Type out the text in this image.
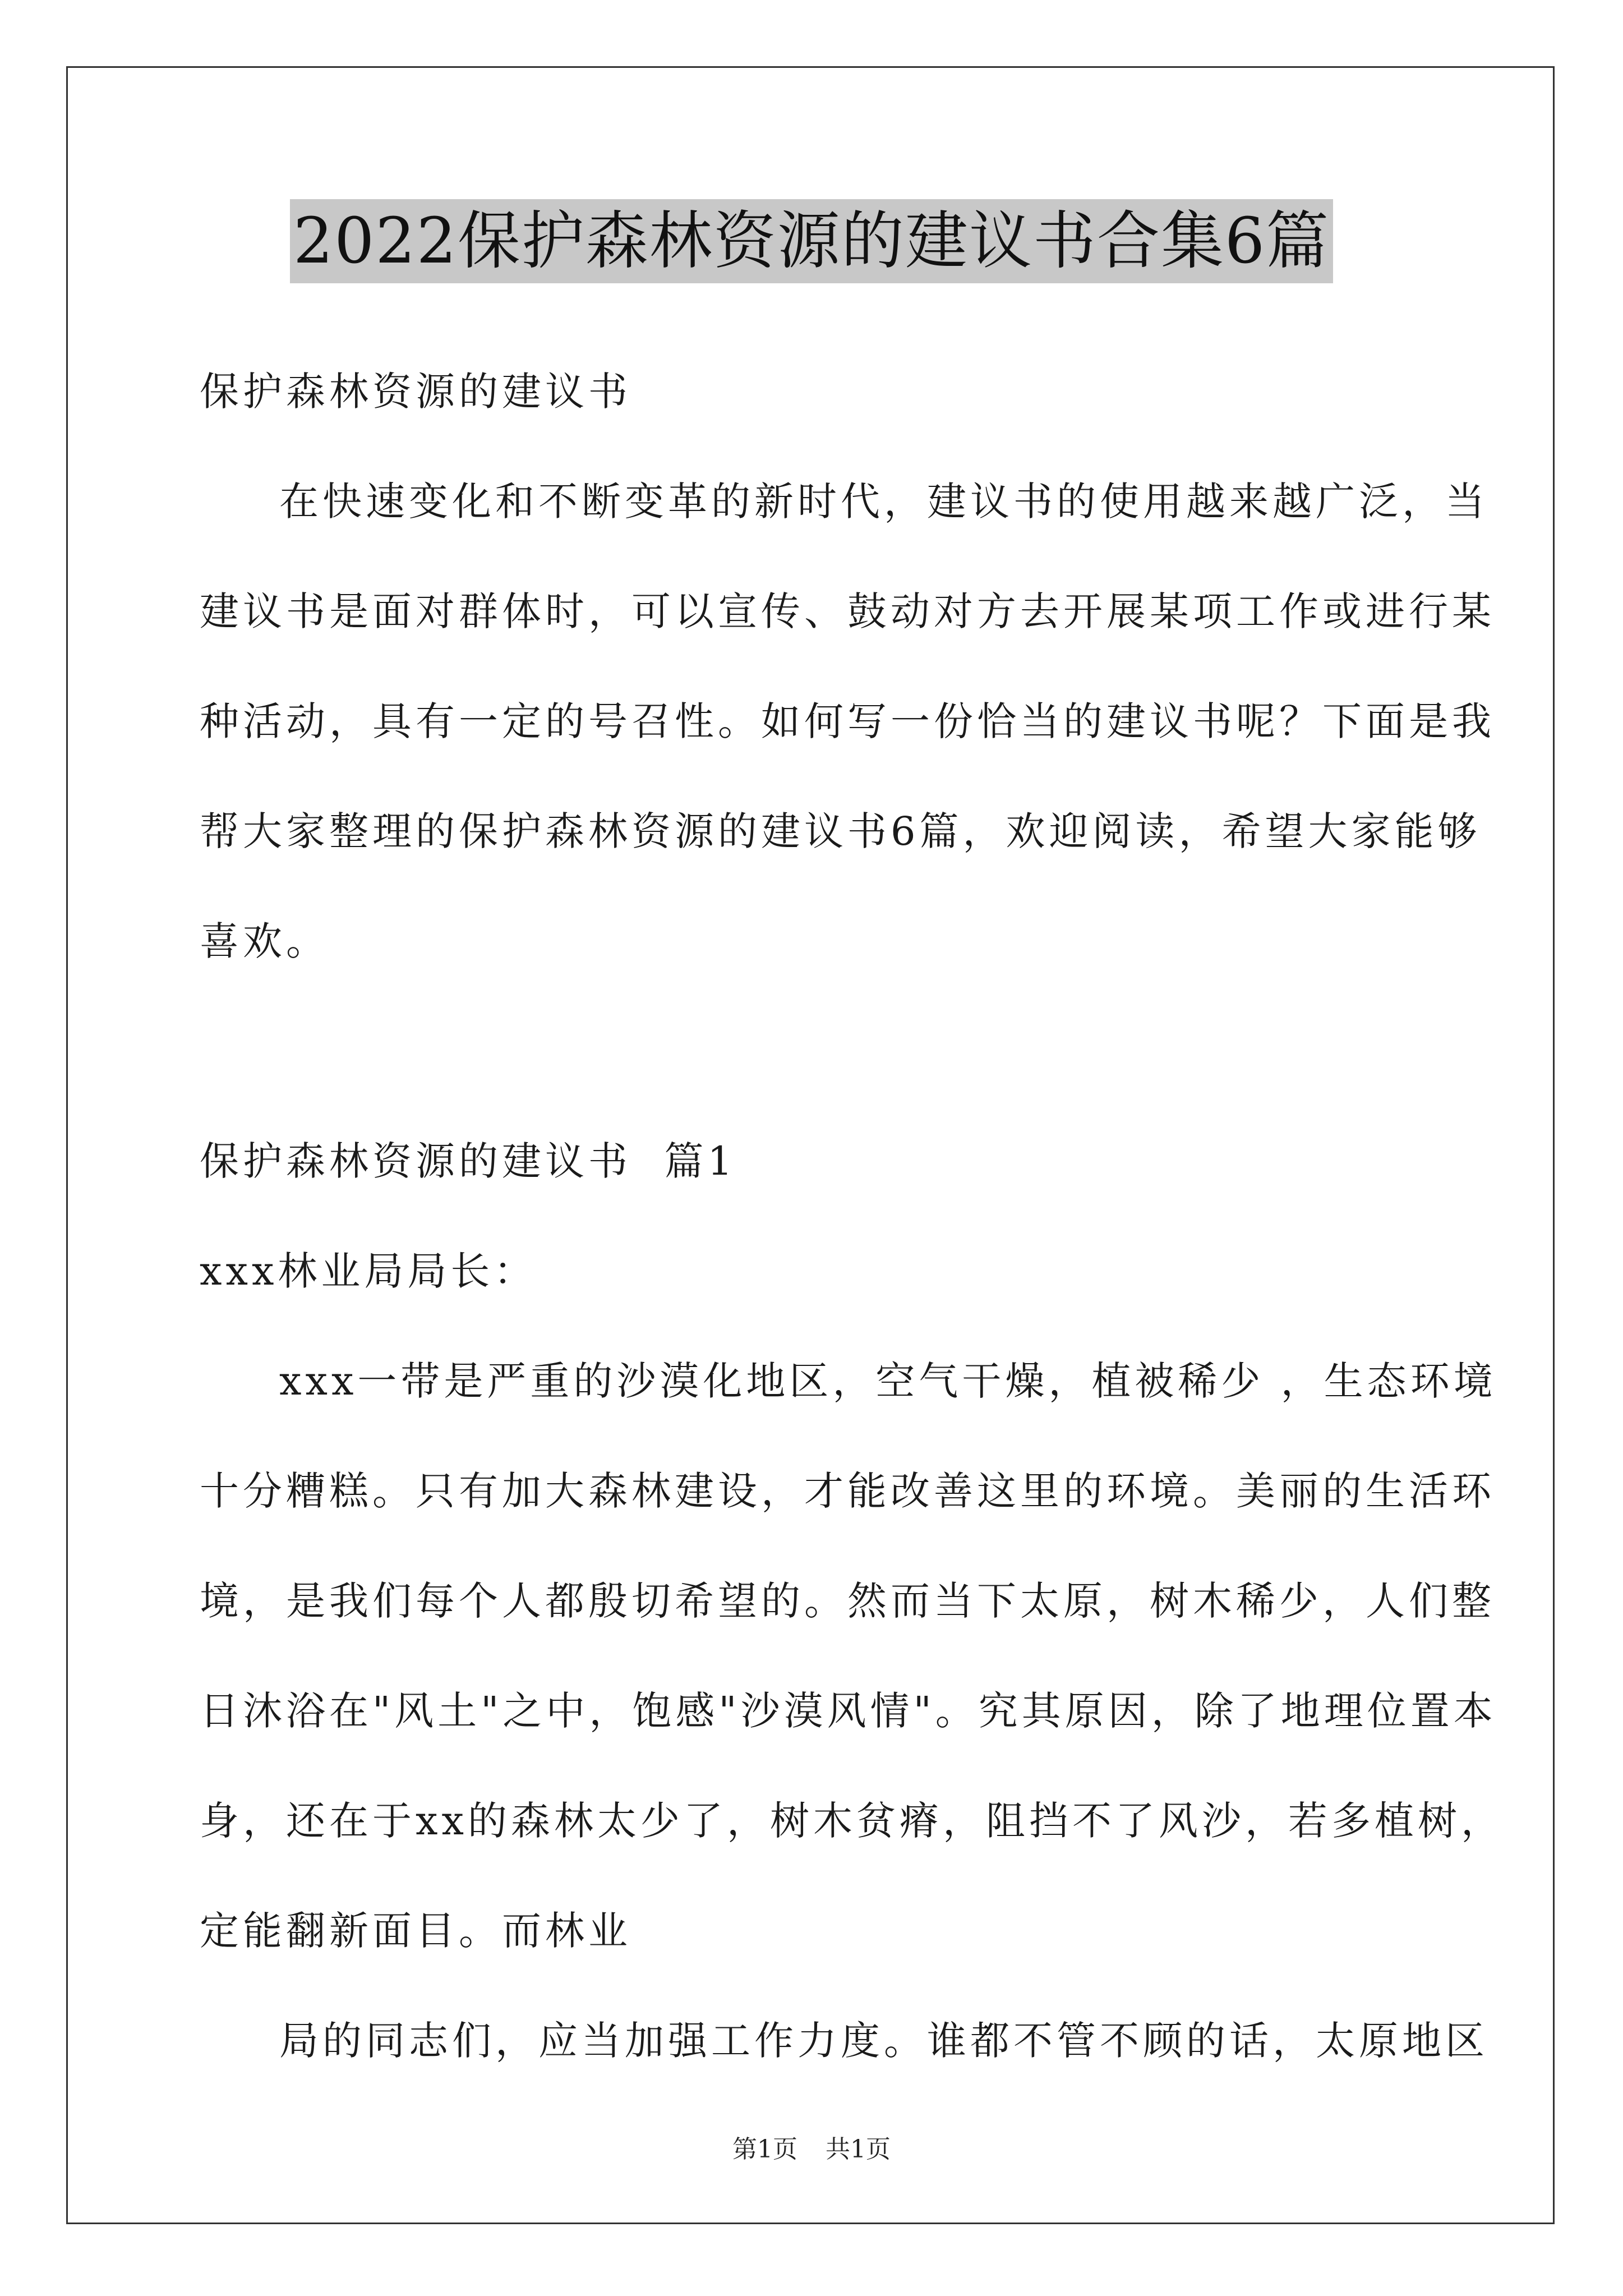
2022保护森林资源的建议书合集6篇

保护森林资源的建议书

在快速变化和不断变革的新时代，建议书的使用越来越广泛，当

建议书是面对群体时，可以宣传、鼓动对方去开展某项工作或进行某

种活动，具有一定的号召性。如何写一份恰当的建议书呢？下面是我

帮大家整理的保护森林资源的建议书6篇，欢迎阅读，希望大家能够

喜欢。

保护森林资源的建议书  篇1

xxx林业局局长：

xxx一带是严重的沙漠化地区，空气干燥，植被稀少 ，生态环境

十分糟糕。只有加大森林建设，才能改善这里的环境。美丽的生活环

境，是我们每个人都殷切希望的。然而当下太原，树木稀少，人们整

日沐浴在"风土"之中，饱感"沙漠风情"。究其原因，除了地理位置本

身，还在于xx的森林太少了，树木贫瘠，阻挡不了风沙，若多植树，

定能翻新面目。而林业

局的同志们，应当加强工作力度。谁都不管不顾的话，太原地区

第1页 共1页
